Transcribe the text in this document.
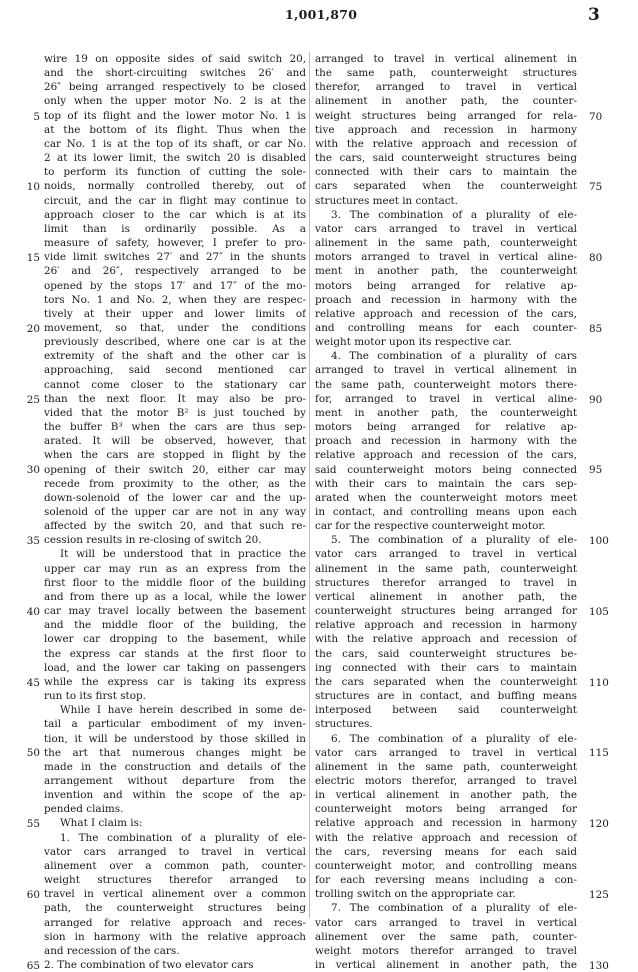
1,001,870	3
wire 19 on opposite sides of said switch 20,
and the short-circuiting switches 26′ and
26″ being arranged respectively to be closed
only when the upper motor No. 2 is at the
top of its flight and the lower motor No. 1 is
at the bottom of its flight. Thus when the
car No. 1 is at the top of its shaft, or car No.
2 at its lower limit, the switch 20 is disabled
to perform its function of cutting the sole-
noids, normally controlled thereby, out of
circuit, and the car in flight may continue to
approach closer to the car which is at its
limit than is ordinarily possible. As a
measure of safety, however, I prefer to pro-
vide limit switches 27′ and 27″ in the shunts
26′ and 26″, respectively arranged to be
opened by the stops 17′ and 17″ of the mo-
tors No. 1 and No. 2, when they are respec-
tively at their upper and lower limits of
movement, so that, under the conditions
previously described, where one car is at the
extremity of the shaft and the other car is
approaching, said second mentioned car
cannot come closer to the stationary car
than the next floor. It may also be pro-
vided that the motor B² is just touched by
the buffer B³ when the cars are thus sep-
arated. It will be observed, however, that
when the cars are stopped in flight by the
opening of their switch 20, either car may
recede from proximity to the other, as the
down-solenoid of the lower car and the up-
solenoid of the upper car are not in any way
affected by the switch 20, and that such re-
cession results in re-closing of switch 20.
It will be understood that in practice the
upper car may run as an express from the
first floor to the middle floor of the building
and from there up as a local, while the lower
car may travel locally between the basement
and the middle floor of the building, the
lower car dropping to the basement, while
the express car stands at the first floor to
load, and the lower car taking on passengers
while the express car is taking its express
run to its first stop.
While I have herein described in some de-
tail a particular embodiment of my inven-
tion, it will be understood by those skilled in
the art that numerous changes might be
made in the construction and details of the
arrangement without departure from the
invention and within the scope of the ap-
pended claims.
What I claim is:
1. The combination of a plurality of ele-
vator cars arranged to travel in vertical
alinement over a common path, counter-
weight structures therefor arranged to
travel in vertical alinement over a common
path, the counterweight structures being
arranged for relative approach and reces-
sion in harmony with the relative approach
and recession of the cars.
2. The combination of two elevator cars
arranged to travel in vertical alinement in
the same path, counterweight structures
therefor, arranged to travel in vertical
alinement in another path, the counter-
weight structures being arranged for rela-
tive approach and recession in harmony
with the relative approach and recession of
the cars, said counterweight structures being
connected with their cars to maintain the
cars separated when the counterweight
structures meet in contact.
3. The combination of a plurality of ele-
vator cars arranged to travel in vertical
alinement in the same path, counterweight
motors arranged to travel in vertical aline-
ment in another path, the counterweight
motors being arranged for relative ap-
proach and recession in harmony with the
relative approach and recession of the cars,
and controlling means for each counter-
weight motor upon its respective car.
4. The combination of a plurality of cars
arranged to travel in vertical alinement in
the same path, counterweight motors there-
for, arranged to travel in vertical aline-
ment in another path, the counterweight
motors being arranged for relative ap-
proach and recession in harmony with the
relative approach and recession of the cars,
said counterweight motors being connected
with their cars to maintain the cars sep-
arated when the counterweight motors meet
in contact, and controlling means upon each
car for the respective counterweight motor.
5. The combination of a plurality of ele-
vator cars arranged to travel in vertical
alinement in the same path, counterweight
structures therefor arranged to travel in
vertical alinement in another path, the
counterweight structures being arranged for
relative approach and recession in harmony
with the relative approach and recession of
the cars, said counterweight structures be-
ing connected with their cars to maintain
the cars separated when the counterweight
structures are in contact, and buffing means
interposed between said counterweight
structures.
6. The combination of a plurality of ele-
vator cars arranged to travel in vertical
alinement in the same path, counterweight
electric motors therefor, arranged to travel
in vertical alinement in another path, the
counterweight motors being arranged for
relative approach and recession in harmony
with the relative approach and recession of
the cars, reversing means for each said
counterweight motor, and controlling means
for each reversing means including a con-
trolling switch on the appropriate car.
7. The combination of a plurality of ele-
vator cars arranged to travel in vertical
alinement over the same path, counter-
weight motors therefor arranged to travel
in vertical alinement in another path, the
5
10
15
20
25
30
35
40
45
50
55
60
65
70
75
80
85
90
95
100
105
110
115
120
125
130
